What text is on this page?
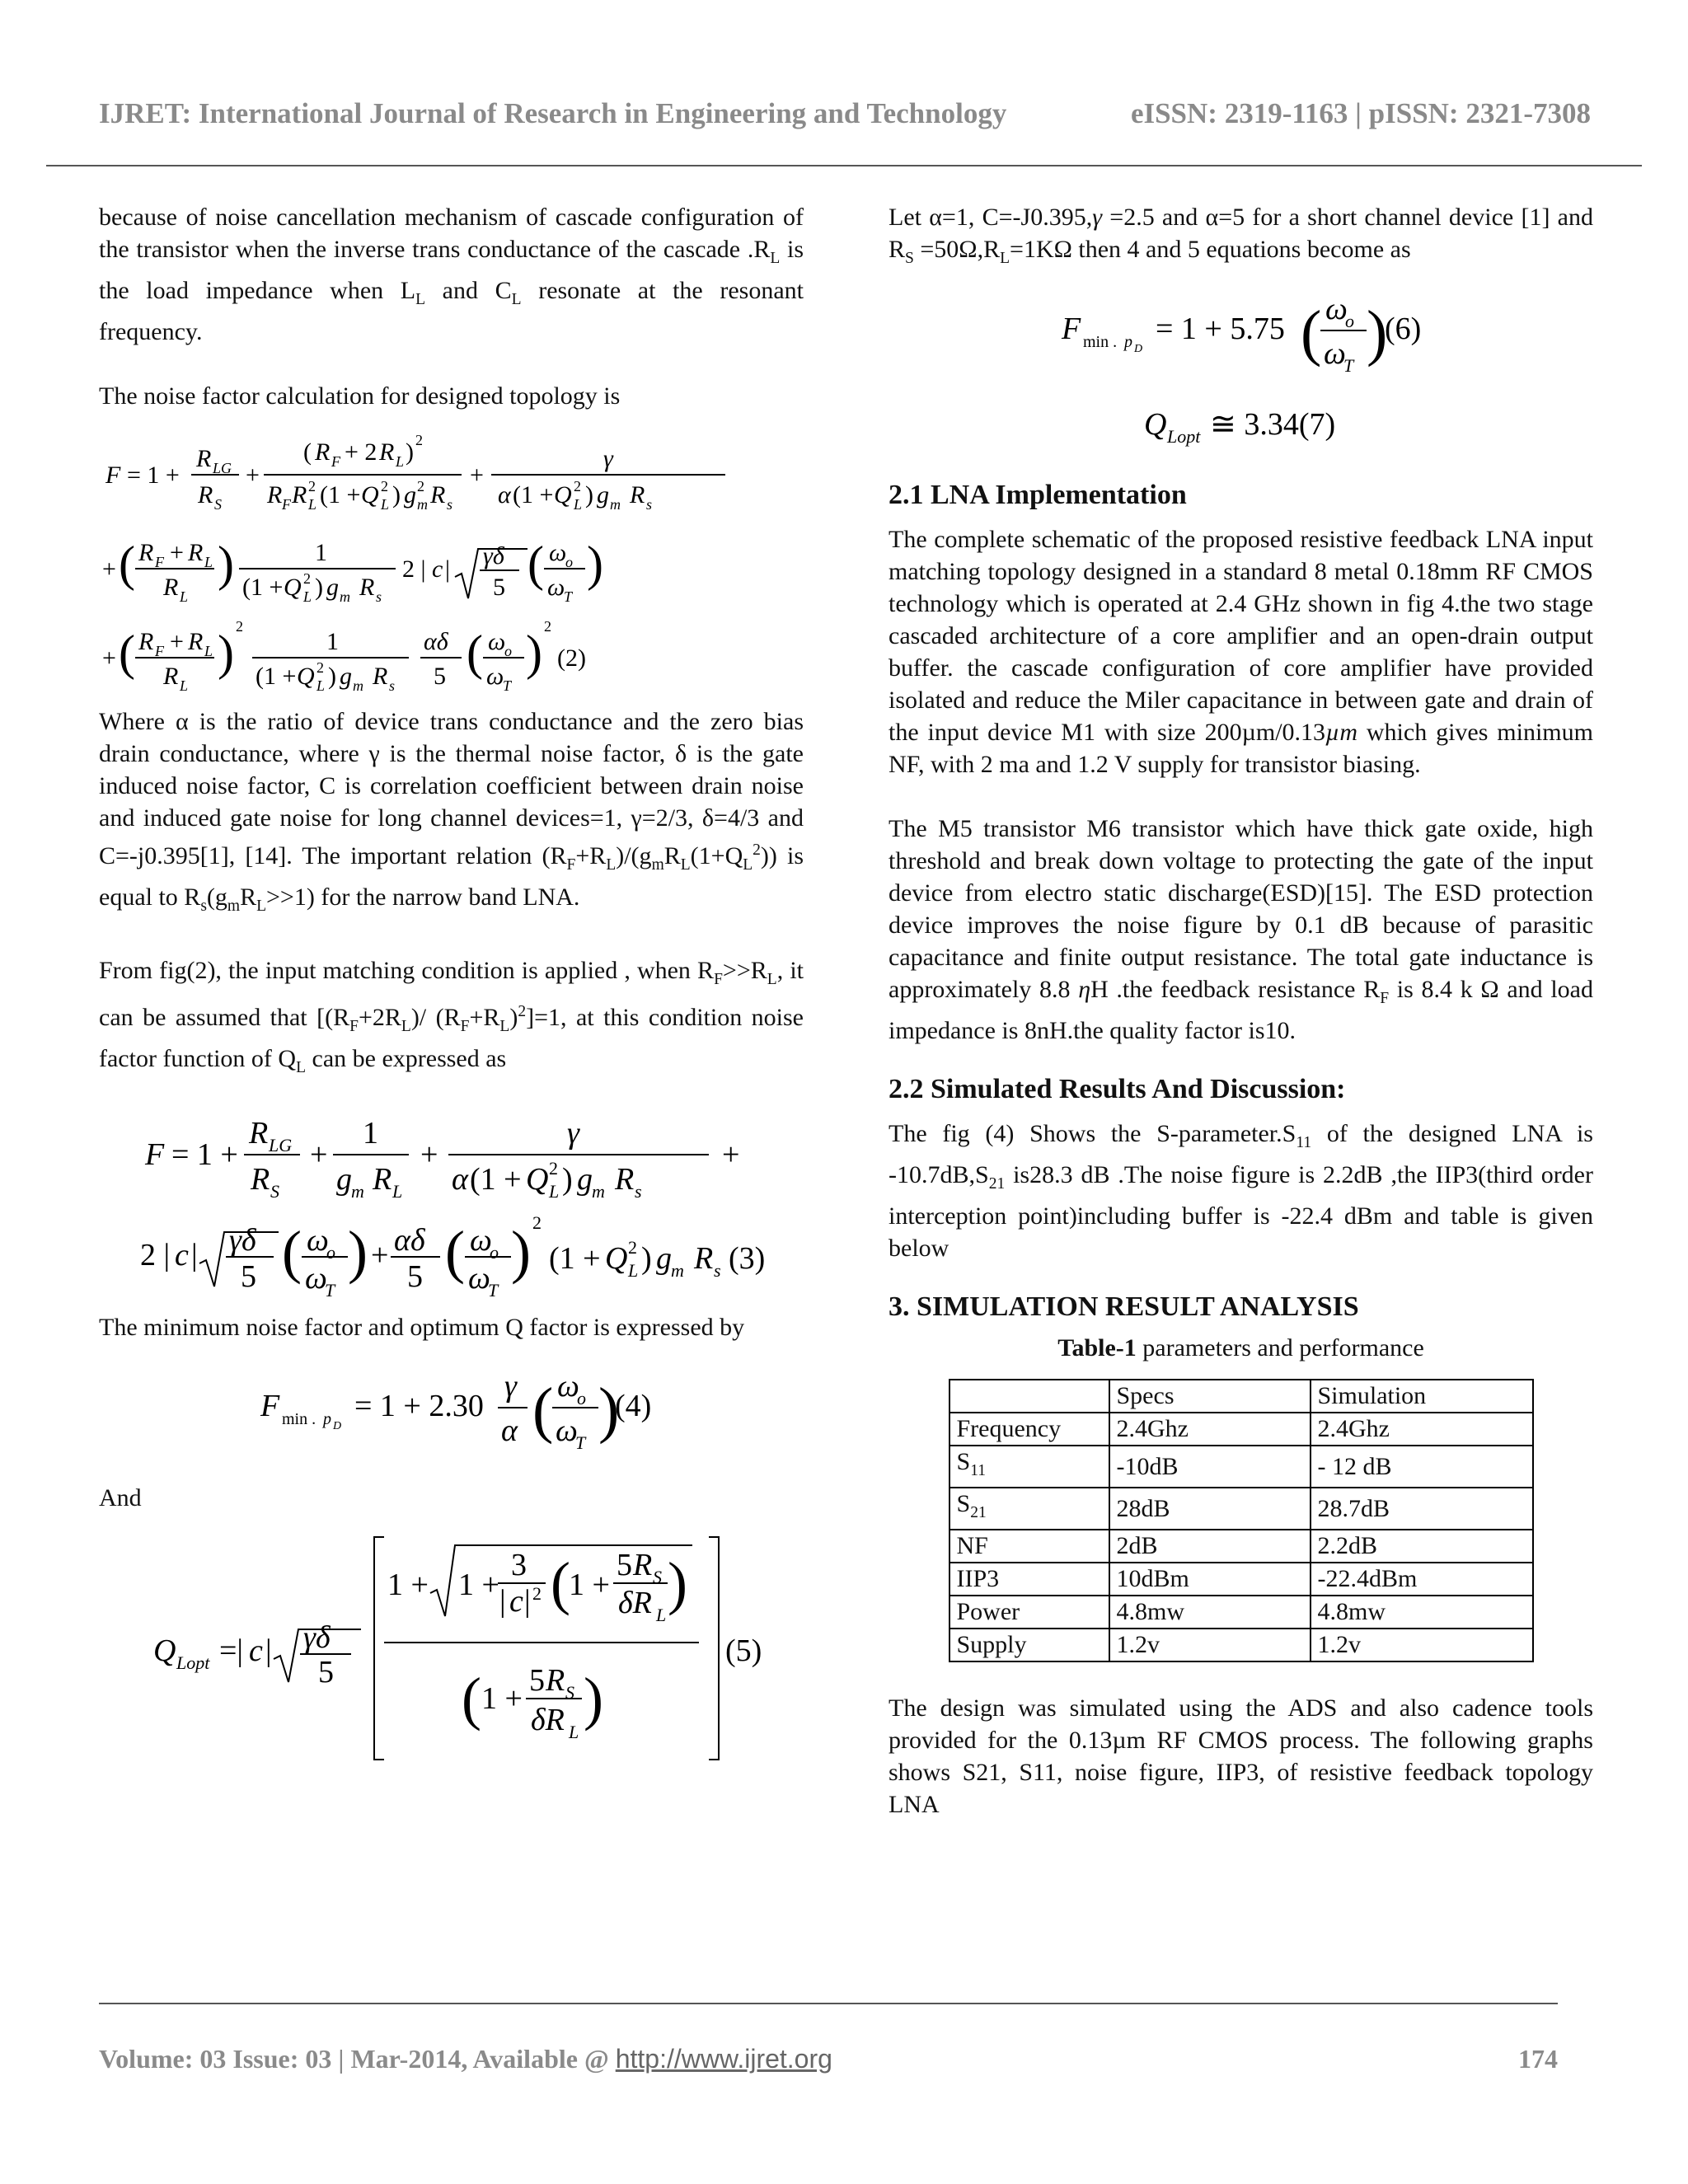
IJRET: International Journal of Research in Engineering and Technology	eISSN: 2319-1163 | pISSN: 2321-7308

because of noise cancellation mechanism of cascade configuration of the transistor when the inverse trans conductance of the cascade $.R_L$ is the load impedance when $L_L$ and $C_L$ resonate at the resonant frequency.

The noise factor calculation for designed topology is

F = 1 +
R LG
R S
+
( R F + 2 R L ) 2
R F R L
2 (1 + Q L
2 ) g m
2 R s
+
γ
α (1 + Q L
2 ) g m R s
+ ( R F + R L
R L
)	1
(1 + Q L
2 ) g m R s
2 | c | γδ
5 ( ω
o
ω
T
)
+ ( R F + R L
R L
) 2
1
(1 + Q L
2 ) g m R s
αδ
5 ( ω
o
ω
T
) 2
(2)

Where α is the ratio of device trans conductance and the zero bias drain conductance, where γ is the thermal noise factor, δ is the gate induced noise factor, C is correlation coefficient between drain noise and induced gate noise for long channel devices=1, γ=2/3, δ=4/3 and C=-j0.395[1], [14]. The important relation $(R_F+R_L)/(g_mR_L(1+Q_L^2))$ is equal to $R_s(g_mR_L>>1)$ for the narrow band LNA.

From fig(2), the input matching condition is applied , when $R_F>>R_L$, it can be assumed that [$(R_F+2R_L)/$ $(R_F+R_L)^2]=1$, at this condition noise factor function of $Q_L$ can be expressed as

F = 1 +
R LG
R S
+
1
g m R L
+
γ
α (1 + Q L
2 ) g m R s
+
2 | c | γδ
5 ( ω
o
ω
T
) + αδ
5 ( ω
o
ω
T
) 2
(1 + Q L
2 ) g m R s (3)

The minimum noise factor and optimum Q factor is expressed by

F min . p D
= 1 + 2.30
γ
α ( ω
o
ω
T )
(4)

And

Q Lopt =| c | γδ
5
1 + 1 +
3
| c | 2 (
1 +
5 R S
δR L )
( 1 +
5 R S
δR L
)
(5)

Let α=1, C=-J0.395,γ =2.5 and α=5 for a short channel device [1] and $R_S =50\Omega,R_L=1K\Omega$ then 4 and 5 equations become as

F min . p D
= 1 + 5.75 ( ω
o
ω
T )
(6)
Q Lopt ≅ 3.34(7)
2.1 LNA Implementation

The complete schematic of the proposed resistive feedback LNA input matching topology designed in a standard 8 metal 0.18mm RF CMOS technology which is operated at 2.4 GHz shown in fig 4.the two stage cascaded architecture of a core amplifier and an open-drain output buffer. the cascade configuration of core amplifier have provided isolated and reduce the Miler capacitance in between gate and drain of the input device M1 with size 200µm/0.13µm which gives minimum NF, with 2 ma and 1.2 V supply for transistor biasing.

The M5 transistor M6 transistor which have thick gate oxide, high threshold and break down voltage to protecting the gate of the input device from electro static discharge(ESD)[15]. The ESD protection device improves the noise figure by 0.1 dB because of parasitic capacitance and finite output resistance. The total gate inductance is approximately 8.8 ηH .the feedback resistance $R_F$ is 8.4 k Ω and load impedance is 8nH.the quality factor is10.

2.2 Simulated Results And Discussion:

The fig (4) Shows the $S-parameter.S_{11}$ of the designed LNA is $-10.7dB,S_{21}$ is28.3 dB .The noise figure is 2.2dB ,the IIP3(third order interception point)including buffer is -22.4 dBm and table is given below

3. SIMULATION RESULT ANALYSIS

Table-1 parameters and performance

	Specs	Simulation
Frequency	2.4Ghz	2.4Ghz
$S_{11}$	-10dB	- 12 dB
$S_{21}$	28dB	28.7dB
NF	2dB	2.2dB
IIP3	10dBm	-22.4dBm
Power	4.8mw	4.8mw
Supply	1.2v	1.2v

The design was simulated using the ADS and also cadence tools provided for the 0.13µm RF CMOS process. The following graphs shows S21, S11, noise figure, IIP3, of resistive feedback topology LNA

Volume: 03 Issue: 03 | Mar-2014, Available @ http://www.ijret.org	174
